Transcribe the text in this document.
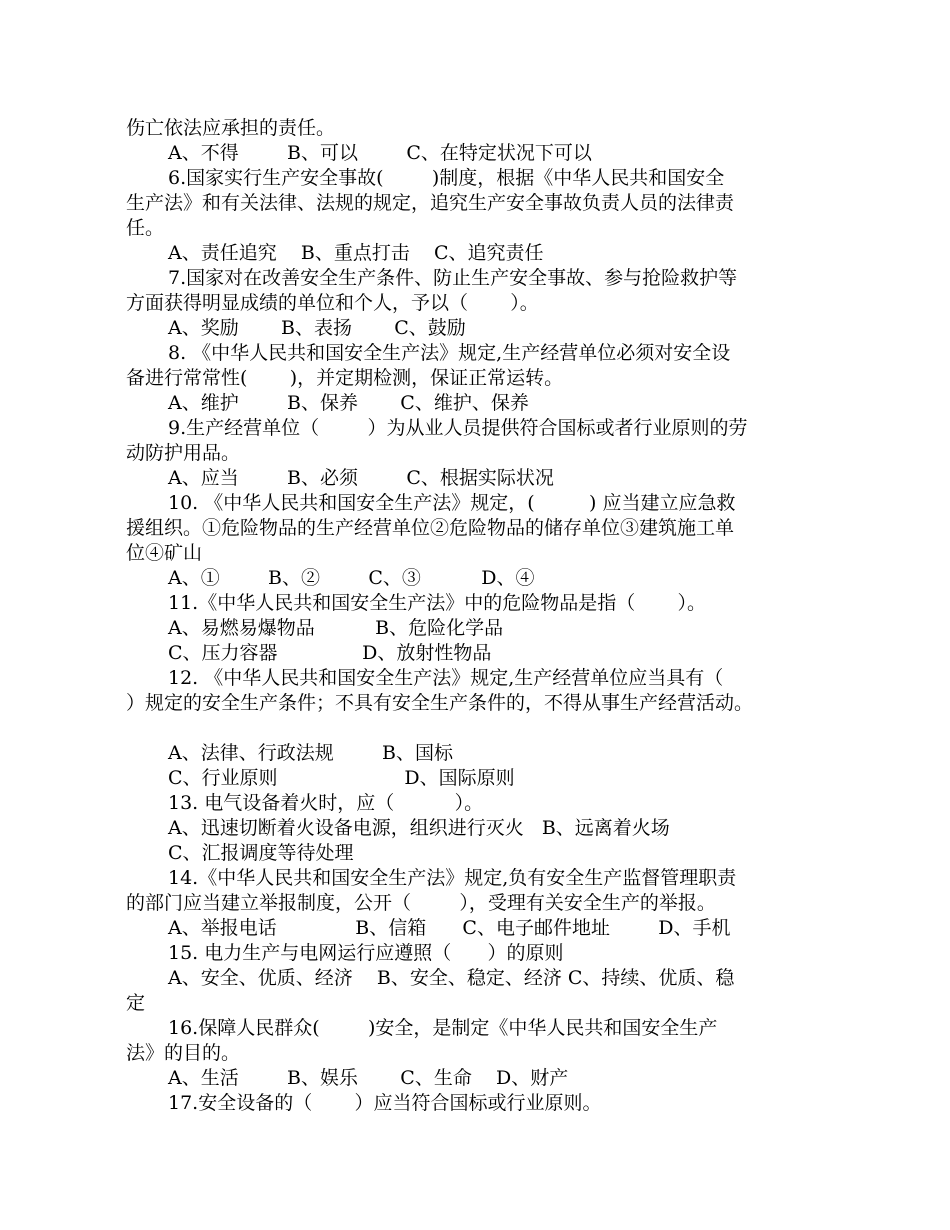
伤亡依法应承担的责任。
A、不得        B、可以        C、在特定状况下可以
6.国家实行生产安全事故(        )制度，根据《中华人民共和国安全
生产法》和有关法律、法规的规定，追究生产安全事故负责人员的法律责
任。
A、责任追究    B、重点打击    C、追究责任
7.国家对在改善安全生产条件、防止生产安全事故、参与抢险救护等
方面获得明显成绩的单位和个人，予以（       ）。
A、奖励       B、表扬       C、鼓励
8. 《中华人民共和国安全生产法》规定,生产经营单位必须对安全设
备进行常常性(       )，并定期检测，保证正常运转。
A、维护        B、保养       C、维护、保养
9.生产经营单位（        ）为从业人员提供符合国标或者行业原则的劳
动防护用品。
A、应当        B、必须        C、根据实际状况
10. 《中华人民共和国安全生产法》规定，(         ) 应当建立应急救
援组织。①危险物品的生产经营单位②危险物品的储存单位③建筑施工单
位④矿山
A、①        B、②        C、③          D、④
11.《中华人民共和国安全生产法》中的危险物品是指（       ）。
A、易燃易爆物品          B、危险化学品
C、压力容器              D、放射性物品
12. 《中华人民共和国安全生产法》规定,生产经营单位应当具有（
）规定的安全生产条件；不具有安全生产条件的，不得从事生产经营活动。
A、法律、行政法规        B、国标
C、行业原则                     D、国际原则
13. 电气设备着火时，应（          ）。
A、迅速切断着火设备电源，组织进行灭火   B、远离着火场
C、汇报调度等待处理
14.《中华人民共和国安全生产法》规定,负有安全生产监督管理职责
的部门应当建立举报制度，公开（        ），受理有关安全生产的举报。
A、举报电话             B、信箱      C、电子邮件地址        D、手机
15. 电力生产与电网运行应遵照（      ）的原则
A、安全、优质、经济    B、安全、稳定、经济 C、持续、优质、稳
定
16.保障人民群众(        )安全，是制定《中华人民共和国安全生产
法》的目的。
A、生活        B、娱乐       C、生命    D、财产
17.安全设备的（       ）应当符合国标或行业原则。
